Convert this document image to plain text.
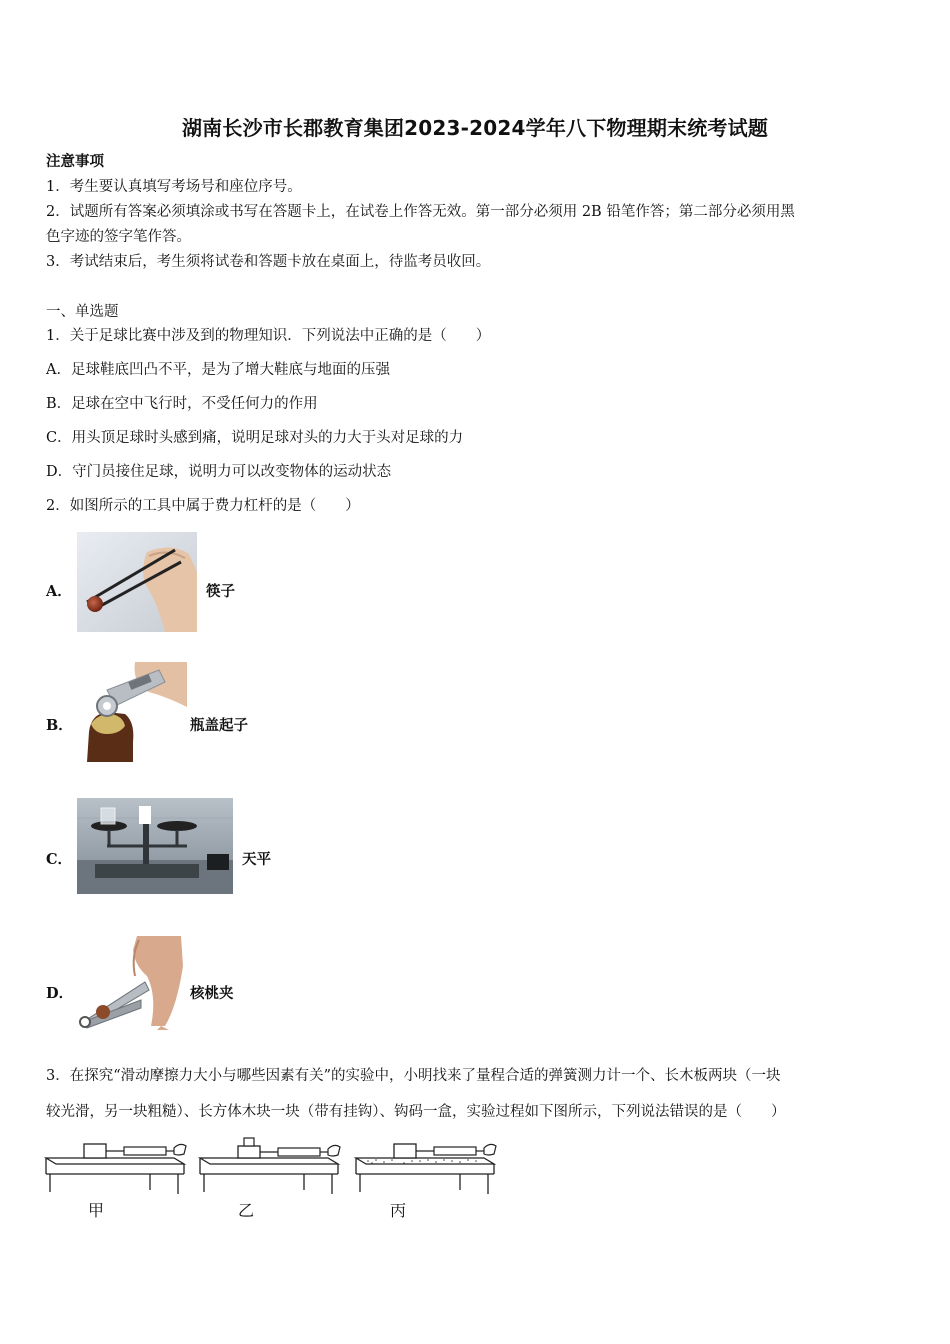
湖南长沙市长郡教育集团2023-2024学年八下物理期末统考试题
注意事项
1．考生要认真填写考场号和座位序号。
2．试题所有答案必须填涂或书写在答题卡上，在试卷上作答无效。第一部分必须用 2B 铅笔作答；第二部分必须用黑
色字迹的签字笔作答。
3．考试结束后，考生须将试卷和答题卡放在桌面上，待监考员收回。
一、单选题
1．关于足球比赛中涉及到的物理知识．下列说法中正确的是（　　）
A．足球鞋底凹凸不平，是为了增大鞋底与地面的压强
B．足球在空中飞行时，不受任何力的作用
C．用头顶足球时头感到痛，说明足球对头的力大于头对足球的力
D．守门员接住足球，说明力可以改变物体的运动状态
2．如图所示的工具中属于费力杠杆的是（　　）
A．	筷子
B．	瓶盖起子
C．	天平
D．	核桃夹
3．在探究“滑动摩擦力大小与哪些因素有关”的实验中，小明找来了量程合适的弹簧测力计一个、长木板两块（一块
较光滑，另一块粗糙）、长方体木块一块（带有挂钩）、钩码一盒，实验过程如下图所示，下列说法错误的是（　　）
甲	乙	丙
